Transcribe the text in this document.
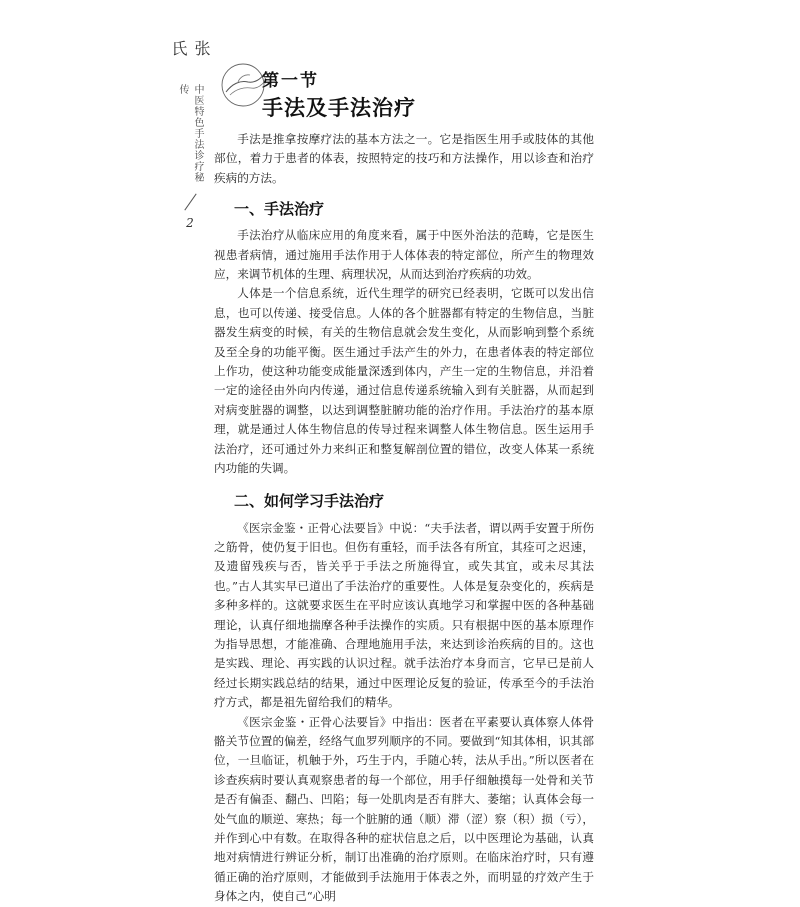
张氏
中医特色手法诊疗秘传
2
第一节
手法及手法治疗

手法是推拿按摩疗法的基本方法之一。它是指医生用手或肢体的其他部位，着力于患者的体表，按照特定的技巧和方法操作，用以诊查和治疗疾病的方法。

一、手法治疗

手法治疗从临床应用的角度来看，属于中医外治法的范畴，它是医生视患者病情，通过施用手法作用于人体体表的特定部位，所产生的物理效应，来调节机体的生理、病理状况，从而达到治疗疾病的功效。

人体是一个信息系统，近代生理学的研究已经表明，它既可以发出信息，也可以传递、接受信息。人体的各个脏器都有特定的生物信息，当脏器发生病变的时候，有关的生物信息就会发生变化，从而影响到整个系统及至全身的功能平衡。医生通过手法产生的外力，在患者体表的特定部位上作功，使这种功能变成能量深透到体内，产生一定的生物信息，并沿着一定的途径由外向内传递，通过信息传递系统输入到有关脏器，从而起到对病变脏器的调整，以达到调整脏腑功能的治疗作用。手法治疗的基本原理，就是通过人体生物信息的传导过程来调整人体生物信息。医生运用手法治疗，还可通过外力来纠正和整复解剖位置的错位，改变人体某一系统内功能的失调。

二、如何学习手法治疗

《医宗金鉴・正骨心法要旨》中说：“夫手法者，谓以两手安置于所伤之筋骨，使仍复于旧也。但伤有重轻，而手法各有所宜，其痊可之迟速，及遗留残疾与否，皆关乎于手法之所施得宜，或失其宜，或未尽其法也。”古人其实早已道出了手法治疗的重要性。人体是复杂变化的，疾病是多种多样的。这就要求医生在平时应该认真地学习和掌握中医的各种基础理论，认真仔细地揣摩各种手法操作的实质。只有根据中医的基本原理作为指导思想，才能准确、合理地施用手法，来达到诊治疾病的目的。这也是实践、理论、再实践的认识过程。就手法治疗本身而言，它早已是前人经过长期实践总结的结果，通过中医理论反复的验证，传承至今的手法治疗方式，都是祖先留给我们的精华。

《医宗金鉴・正骨心法要旨》中指出：医者在平素要认真体察人体骨骼关节位置的偏差，经络气血罗列顺序的不同。要做到“知其体相，识其部位，一旦临证，机触于外，巧生于内，手随心转，法从手出。”所以医者在诊查疾病时要认真观察患者的每一个部位，用手仔细触摸每一处骨和关节是否有偏歪、翻凸、凹陷；每一处肌肉是否有胖大、萎缩；认真体会每一处气血的顺逆、寒热；每一个脏腑的通（顺）滞（涩）察（积）损（亏），并作到心中有数。在取得各种的症状信息之后，以中医理论为基础，认真地对病情进行辨证分析，制订出准确的治疗原则。在临床治疗时，只有遵循正确的治疗原则，才能做到手法施用于体表之外，而明显的疗效产生于身体之内，使自己“心明
